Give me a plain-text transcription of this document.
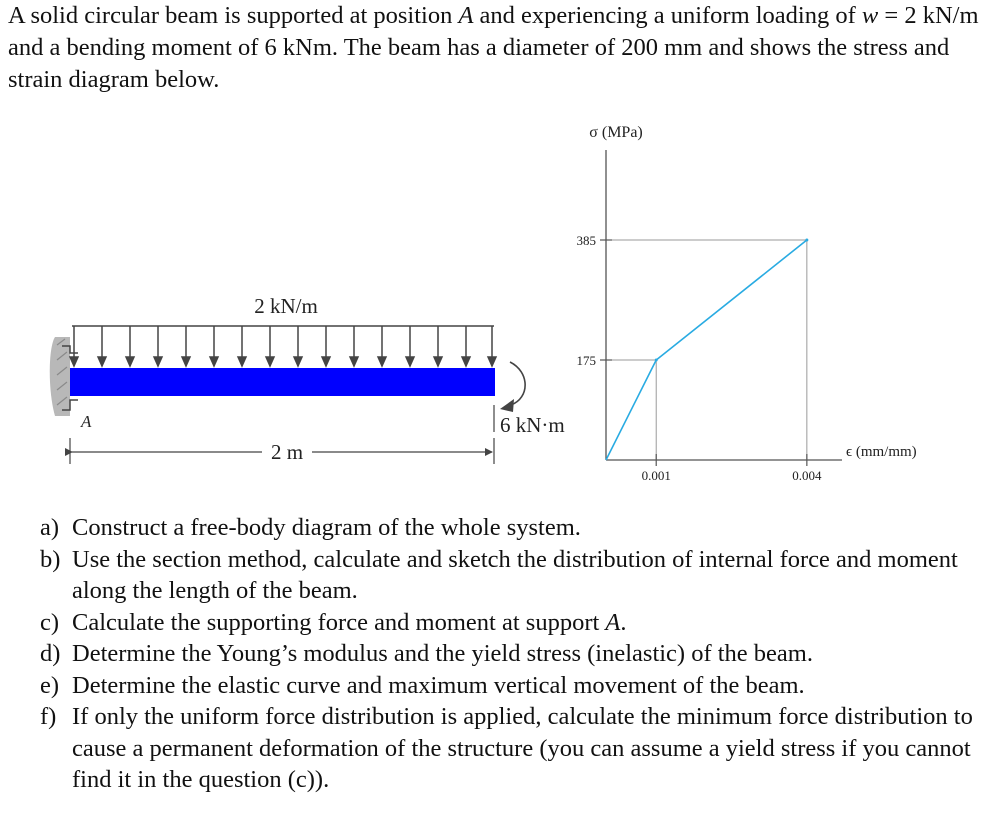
A solid circular beam is supported at position A and experiencing a uniform loading of w = 2 kN/m and a bending moment of 6 kNm. The beam has a diameter of 200 mm and shows the stress and strain diagram below.

2 kN/m
6 kN·m
A
2 m
σ (MPa)
ϵ (mm/mm)
385
175
0.001	0.004
a) Construct a free-body diagram of the whole system.
b) Use the section method, calculate and sketch the distribution of internal force and moment along the length of the beam.
c) Calculate the supporting force and moment at support A.
d) Determine the Young’s modulus and the yield stress (inelastic) of the beam.
e) Determine the elastic curve and maximum vertical movement of the beam.
f) If only the uniform force distribution is applied, calculate the minimum force distribution to cause a permanent deformation of the structure (you can assume a yield stress if you cannot find it in the question (c)).
